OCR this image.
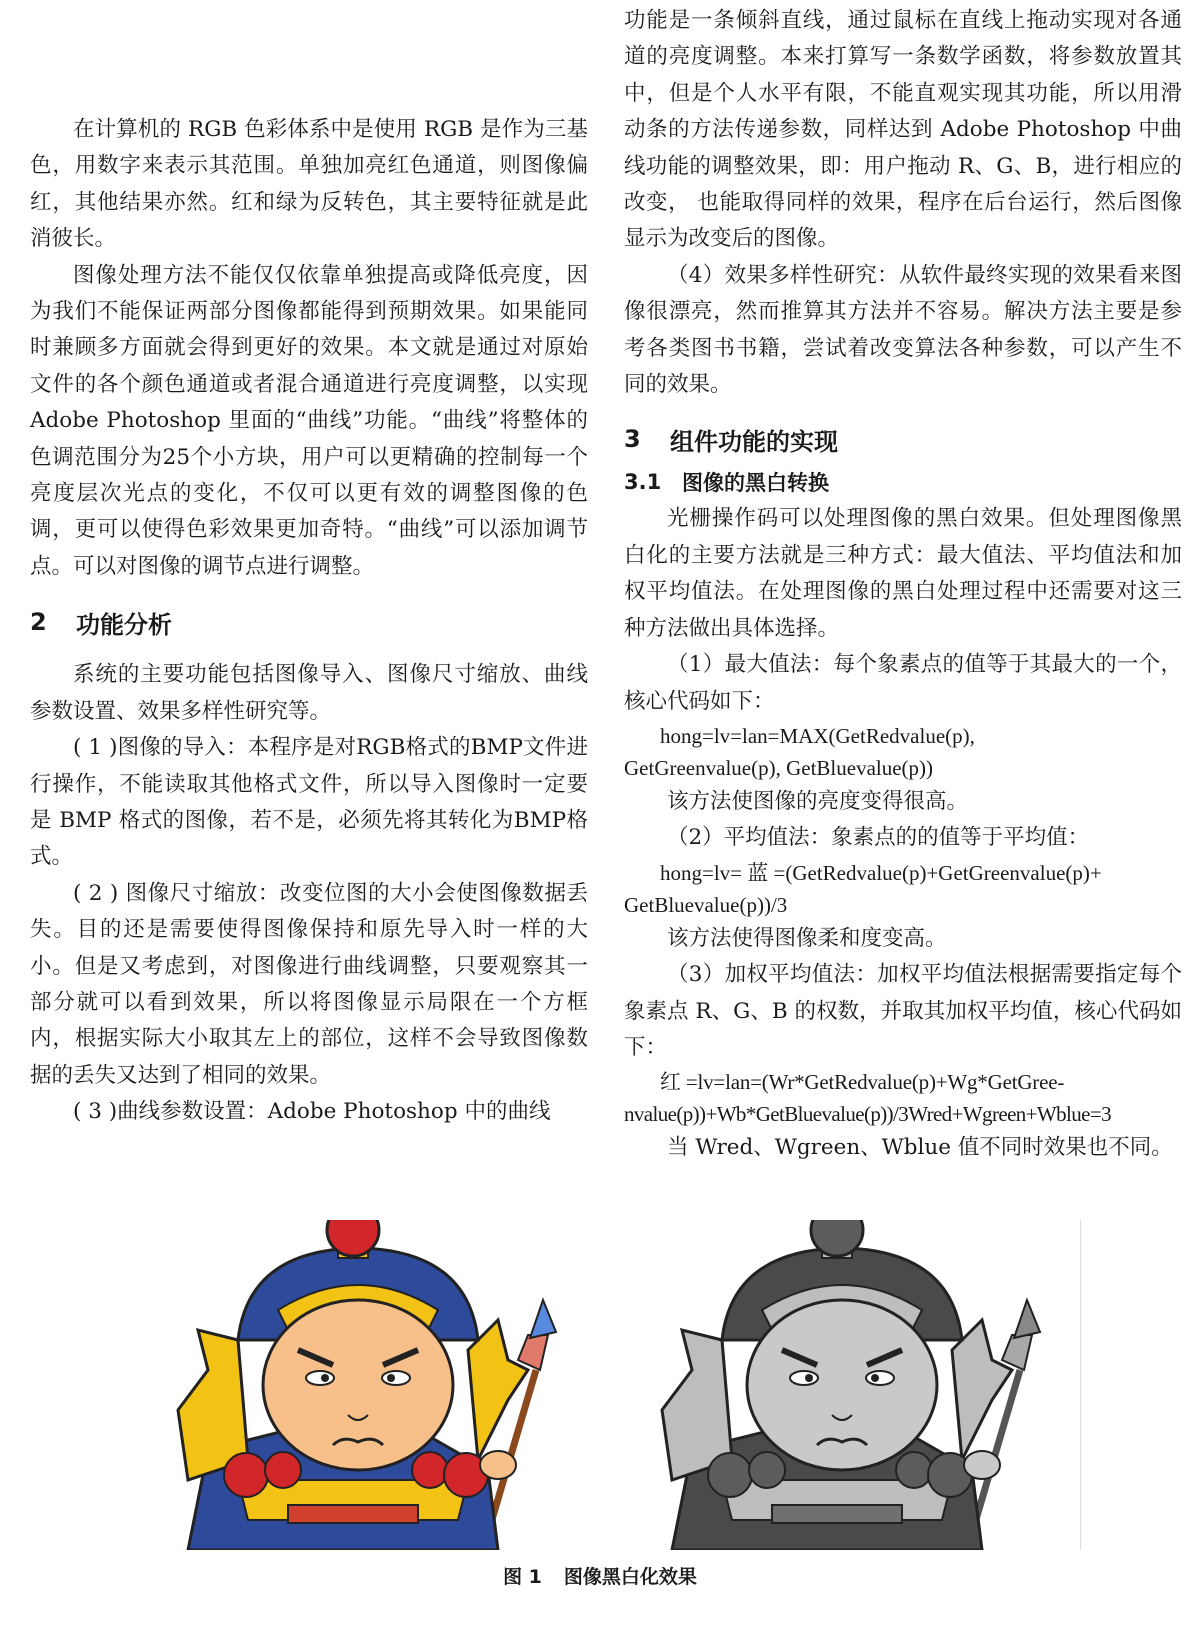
在计算机的 RGB 色彩体系中是使用 RGB 是作为三基色，用数字来表示其范围。单独加亮红色通道，则图像偏红，其他结果亦然。红和绿为反转色，其主要特征就是此消彼长。

图像处理方法不能仅仅依靠单独提高或降低亮度，因为我们不能保证两部分图像都能得到预期效果。如果能同时兼顾多方面就会得到更好的效果。本文就是通过对原始文件的各个颜色通道或者混合通道进行亮度调整，以实现 Adobe Photoshop 里面的“曲线”功能。“曲线”将整体的色调范围分为25个小方块，用户可以更精确的控制每一个亮度层次光点的变化，不仅可以更有效的调整图像的色调，更可以使得色彩效果更加奇特。“曲线”可以添加调节点。可以对图像的调节点进行调整。

2	功能分析

系统的主要功能包括图像导入、图像尺寸缩放、曲线参数设置、效果多样性研究等。

( 1 )图像的导入：本程序是对RGB格式的BMP文件进行操作，不能读取其他格式文件，所以导入图像时一定要是 BMP 格式的图像，若不是，必须先将其转化为BMP格式。

( 2 ) 图像尺寸缩放：改变位图的大小会使图像数据丢失。目的还是需要使得图像保持和原先导入时一样的大小。但是又考虑到，对图像进行曲线调整，只要观察其一部分就可以看到效果，所以将图像显示局限在一个方框内，根据实际大小取其左上的部位，这样不会导致图像数据的丢失又达到了相同的效果。

( 3 )曲线参数设置：Adobe Photoshop 中的曲线

功能是一条倾斜直线，通过鼠标在直线上拖动实现对各通道的亮度调整。本来打算写一条数学函数，将参数放置其中，但是个人水平有限，不能直观实现其功能，所以用滑动条的方法传递参数，同样达到 Adobe Photoshop 中曲线功能的调整效果，即：用户拖动 R、G、B，进行相应的改变， 也能取得同样的效果，程序在后台运行，然后图像显示为改变后的图像。

（4）效果多样性研究：从软件最终实现的效果看来图像很漂亮，然而推算其方法并不容易。解决方法主要是参考各类图书书籍，尝试着改变算法各种参数，可以产生不同的效果。

3	组件功能的实现
3.1 图像的黑白转换

光栅操作码可以处理图像的黑白效果。但处理图像黑白化的主要方法就是三种方式：最大值法、平均值法和加权平均值法。在处理图像的黑白处理过程中还需要对这三种方法做出具体选择。

（1）最大值法：每个象素点的值等于其最大的一个，核心代码如下：

hong=lv=lan=MAX(GetRedvalue(p),

GetGreenvalue(p), GetBluevalue(p))

该方法使图像的亮度变得很高。

（2）平均值法：象素点的的值等于平均值：

hong=lv= 蓝 =(GetRedvalue(p)+GetGreenvalue(p)+

GetBluevalue(p))/3

该方法使得图像柔和度变高。

（3）加权平均值法：加权平均值法根据需要指定每个象素点 R、G、B 的权数，并取其加权平均值，核心代码如下：

红 =lv=lan=(Wr*GetRedvalue(p)+Wg*GetGree-

nvalue(p))+Wb*GetBluevalue(p))/3Wred+Wgreen+Wblue=3

当 Wred、Wgreen、Wblue 值不同时效果也不同。

图 1 图像黑白化效果
